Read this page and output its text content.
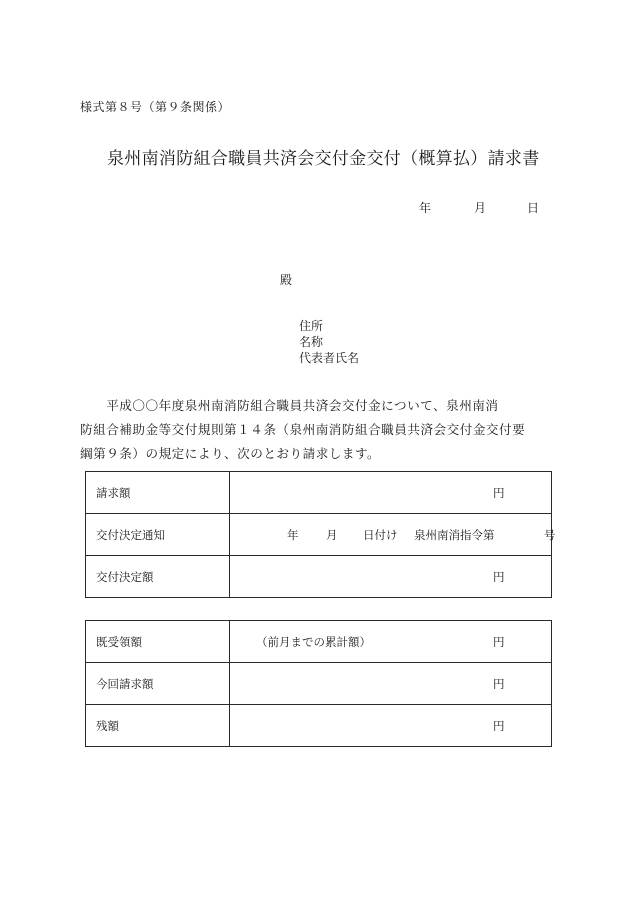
様式第８号（第９条関係）
泉州南消防組合職員共済会交付金交付（概算払）請求書
年	月	日
殿
住所
名称
代表者氏名

　　平成〇〇年度泉州南消防組合職員共済会交付金について、泉州南消

防組合補助金等交付規則第１４条（泉州南消防組合職員共済会交付金交付要

綱第９条）の規定により、次のとおり請求します。

請求額	円

交付決定通知	年 月 日付け 泉州南消指令第 号

交付決定額	円
既受領額	（前月までの累計額） 円

今回請求額	円

残額	円
